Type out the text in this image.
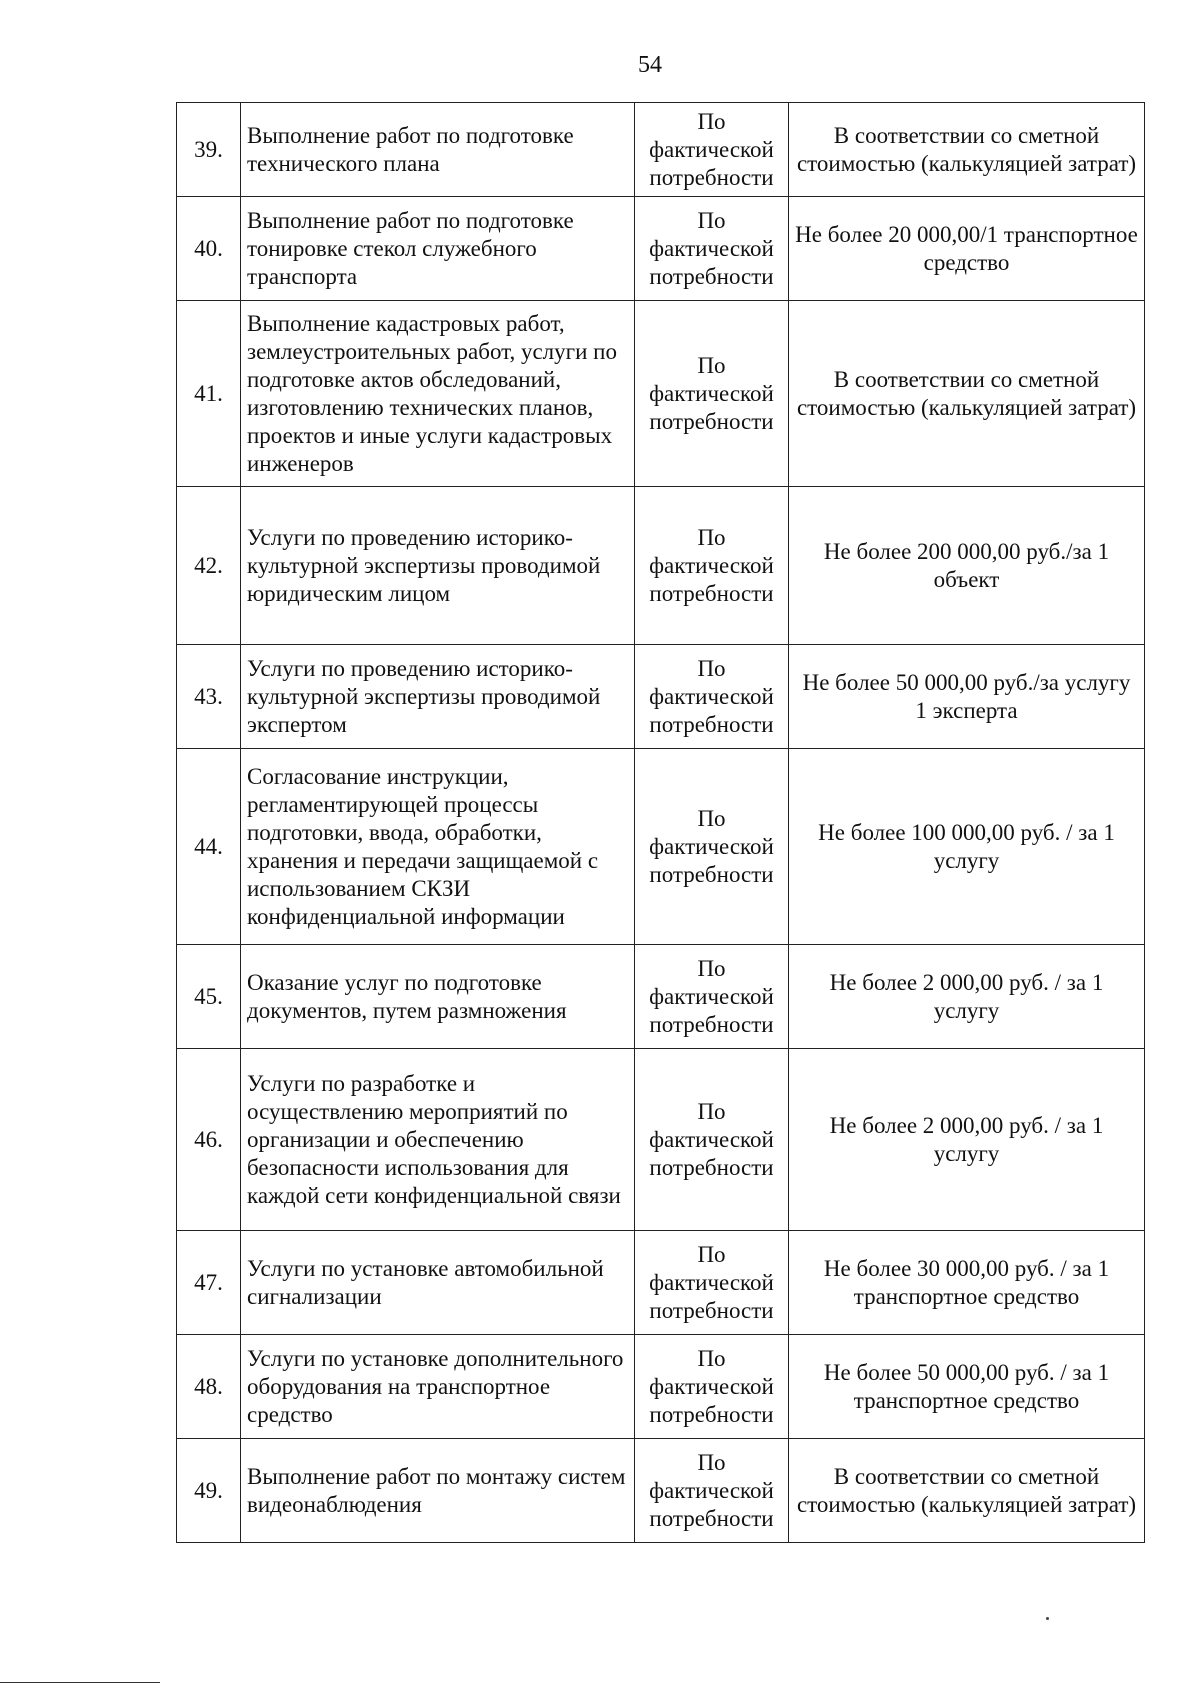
54
39.	Выполнение работ по подготовке технического плана	По
фактической
потребности	В соответствии со сметной стоимостью (калькуляцией затрат)
40.	Выполнение работ по подготовке тонировке стекол служебного транспорта	По
фактической
потребности	Не более 20 000,00/1 транспортное средство
41.	Выполнение кадастровых работ, землеустроительных работ, услуги по подготовке актов обследований, изготовлению технических планов, проектов и иные услуги кадастровых инженеров	По
фактической
потребности	В соответствии со сметной стоимостью (калькуляцией затрат)
42.	Услуги по проведению историко-культурной экспертизы проводимой юридическим лицом	По
фактической
потребности	Не более 200 000,00 руб./за 1 объект
43.	Услуги по проведению историко-культурной экспертизы проводимой экспертом	По
фактической
потребности	Не более 50 000,00 руб./за услугу 1 эксперта
44.	Согласование инструкции, регламентирующей процессы подготовки, ввода, обработки, хранения и передачи защищаемой с использованием СКЗИ конфиденциальной информации	По
фактической
потребности	Не более 100 000,00 руб. / за 1 услугу
45.	Оказание услуг по подготовке документов, путем размножения	По
фактической
потребности	Не более 2 000,00 руб. / за 1 услугу
46.	Услуги по разработке и осуществлению мероприятий по организации и обеспечению безопасности использования для каждой сети конфиденциальной связи	По
фактической
потребности	Не более 2 000,00 руб. / за 1 услугу
47.	Услуги по установке автомобильной сигнализации	По
фактической
потребности	Не более 30 000,00 руб. / за 1 транспортное средство
48.	Услуги по установке дополнительного оборудования на транспортное средство	По
фактической
потребности	Не более 50 000,00 руб. / за 1 транспортное средство
49.	Выполнение работ по монтажу систем видеонаблюдения	По
фактической
потребности	В соответствии со сметной стоимостью (калькуляцией затрат)
